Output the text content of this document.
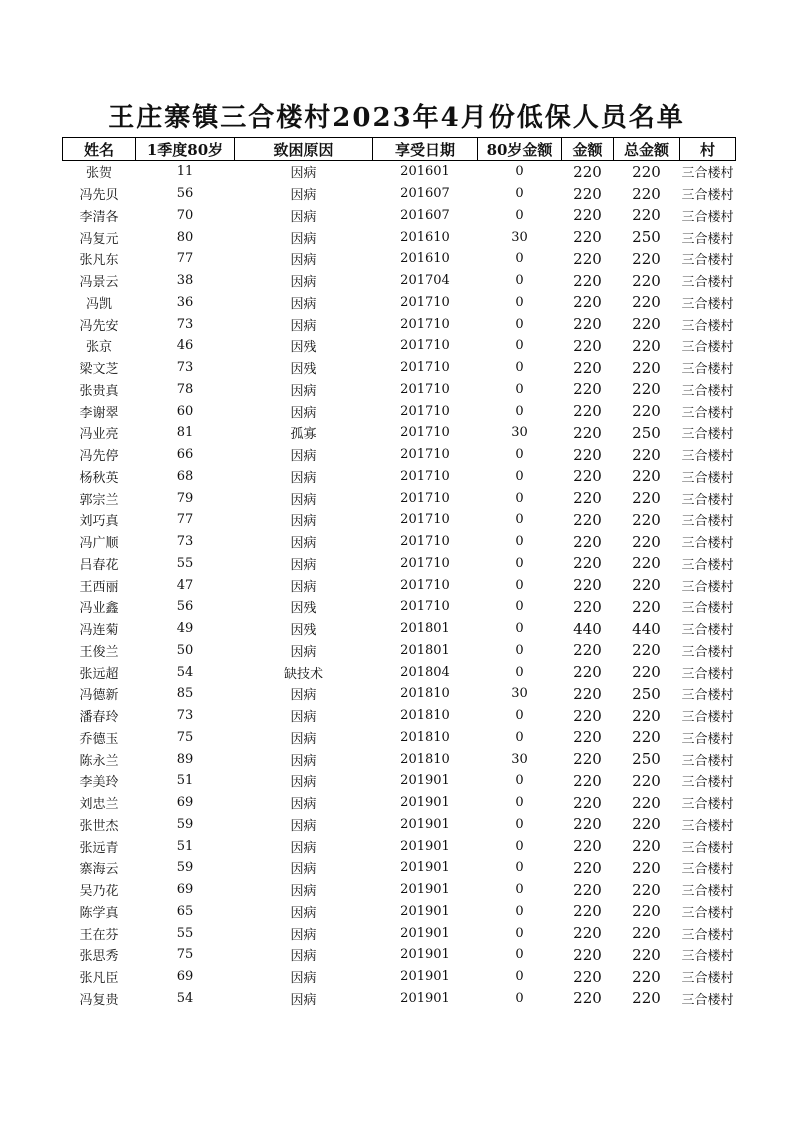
王庄寨镇三合楼村2023年4月份低保人员名单
姓名	1季度80岁	致困原因	享受日期	80岁金额	金额	总金额	村
张贺	11	因病	201601	0	220	220	三合楼村
冯先贝	56	因病	201607	0	220	220	三合楼村
李清各	70	因病	201607	0	220	220	三合楼村
冯复元	80	因病	201610	30	220	250	三合楼村
张凡东	77	因病	201610	0	220	220	三合楼村
冯景云	38	因病	201704	0	220	220	三合楼村
冯凯	36	因病	201710	0	220	220	三合楼村
冯先安	73	因病	201710	0	220	220	三合楼村
张京	46	因残	201710	0	220	220	三合楼村
梁文芝	73	因残	201710	0	220	220	三合楼村
张贵真	78	因病	201710	0	220	220	三合楼村
李谢翠	60	因病	201710	0	220	220	三合楼村
冯业亮	81	孤寡	201710	30	220	250	三合楼村
冯先停	66	因病	201710	0	220	220	三合楼村
杨秋英	68	因病	201710	0	220	220	三合楼村
郭宗兰	79	因病	201710	0	220	220	三合楼村
刘巧真	77	因病	201710	0	220	220	三合楼村
冯广顺	73	因病	201710	0	220	220	三合楼村
吕春花	55	因病	201710	0	220	220	三合楼村
王西丽	47	因病	201710	0	220	220	三合楼村
冯业鑫	56	因残	201710	0	220	220	三合楼村
冯连菊	49	因残	201801	0	440	440	三合楼村
王俊兰	50	因病	201801	0	220	220	三合楼村
张远超	54	缺技术	201804	0	220	220	三合楼村
冯德新	85	因病	201810	30	220	250	三合楼村
潘春玲	73	因病	201810	0	220	220	三合楼村
乔德玉	75	因病	201810	0	220	220	三合楼村
陈永兰	89	因病	201810	30	220	250	三合楼村
李美玲	51	因病	201901	0	220	220	三合楼村
刘忠兰	69	因病	201901	0	220	220	三合楼村
张世杰	59	因病	201901	0	220	220	三合楼村
张远青	51	因病	201901	0	220	220	三合楼村
寨海云	59	因病	201901	0	220	220	三合楼村
吴乃花	69	因病	201901	0	220	220	三合楼村
陈学真	65	因病	201901	0	220	220	三合楼村
王在芬	55	因病	201901	0	220	220	三合楼村
张思秀	75	因病	201901	0	220	220	三合楼村
张凡臣	69	因病	201901	0	220	220	三合楼村
冯复贵	54	因病	201901	0	220	220	三合楼村
